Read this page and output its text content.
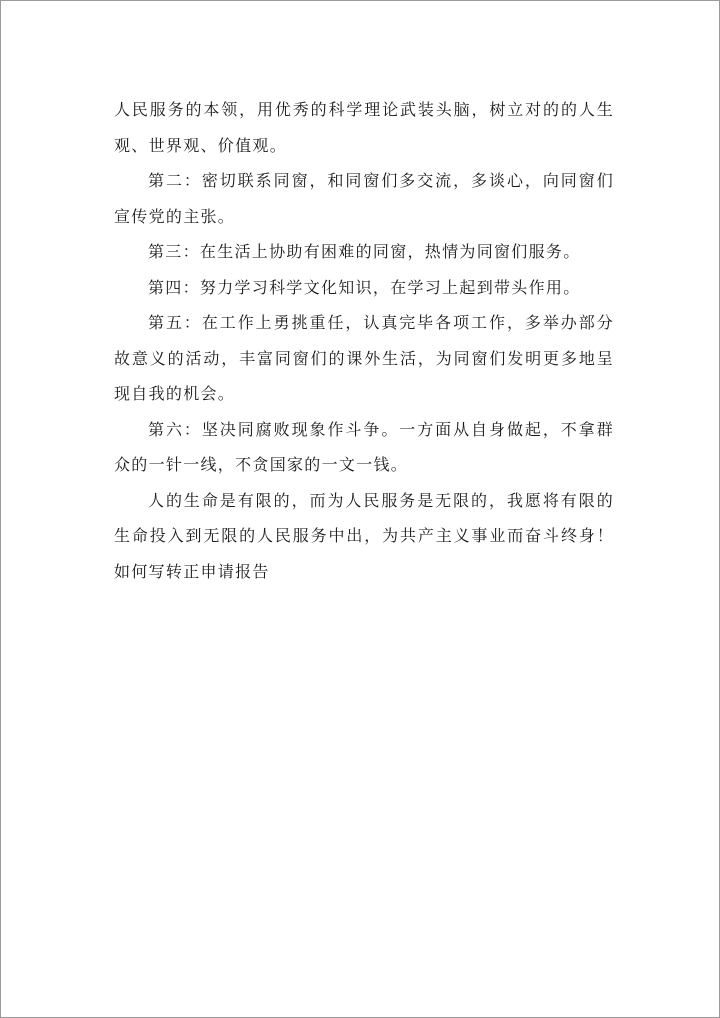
人民服务的本领，用优秀的科学理论武装头脑，树立对的的人生观、世界观、价值观。

第二：密切联系同窗，和同窗们多交流，多谈心，向同窗们宣传党的主张。

第三：在生活上协助有困难的同窗，热情为同窗们服务。

第四：努力学习科学文化知识，在学习上起到带头作用。

第五：在工作上勇挑重任，认真完毕各项工作，多举办部分故意义的活动，丰富同窗们的课外生活，为同窗们发明更多地呈现自我的机会。

第六：坚决同腐败现象作斗争。一方面从自身做起，不拿群众的一针一线，不贪国家的一文一钱。

人的生命是有限的，而为人民服务是无限的，我愿将有限的生命投入到无限的人民服务中出，为共产主义事业而奋斗终身！如何写转正申请报告
